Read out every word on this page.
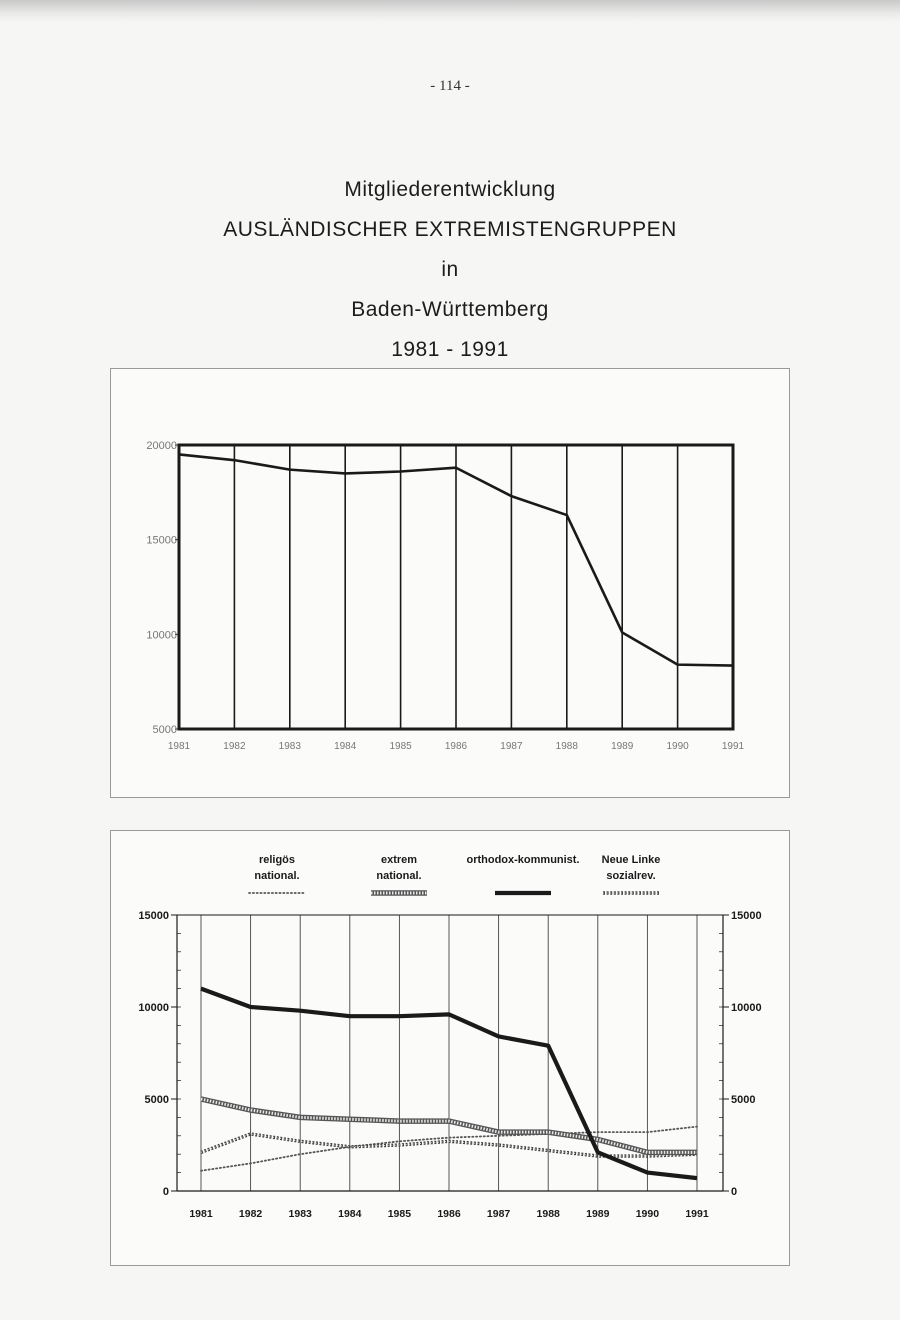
- 114 -
Mitgliederentwicklung
AUSLÄNDISCHER EXTREMISTENGRUPPEN
in
Baden-Württemberg
1981 - 1991
5000
10000
15000
20000
1981	1982	1983	1984	1985	1986	1987	1988	1989	1990	1991
0	0
5000	5000
10000	10000
15000	15000
1981 1982 1983 1984 1985 1986 1987 1988 1989 1990 1991
religös
national.
extrem
national.
orthodox-kommunist. Neue Linke
sozialrev.
